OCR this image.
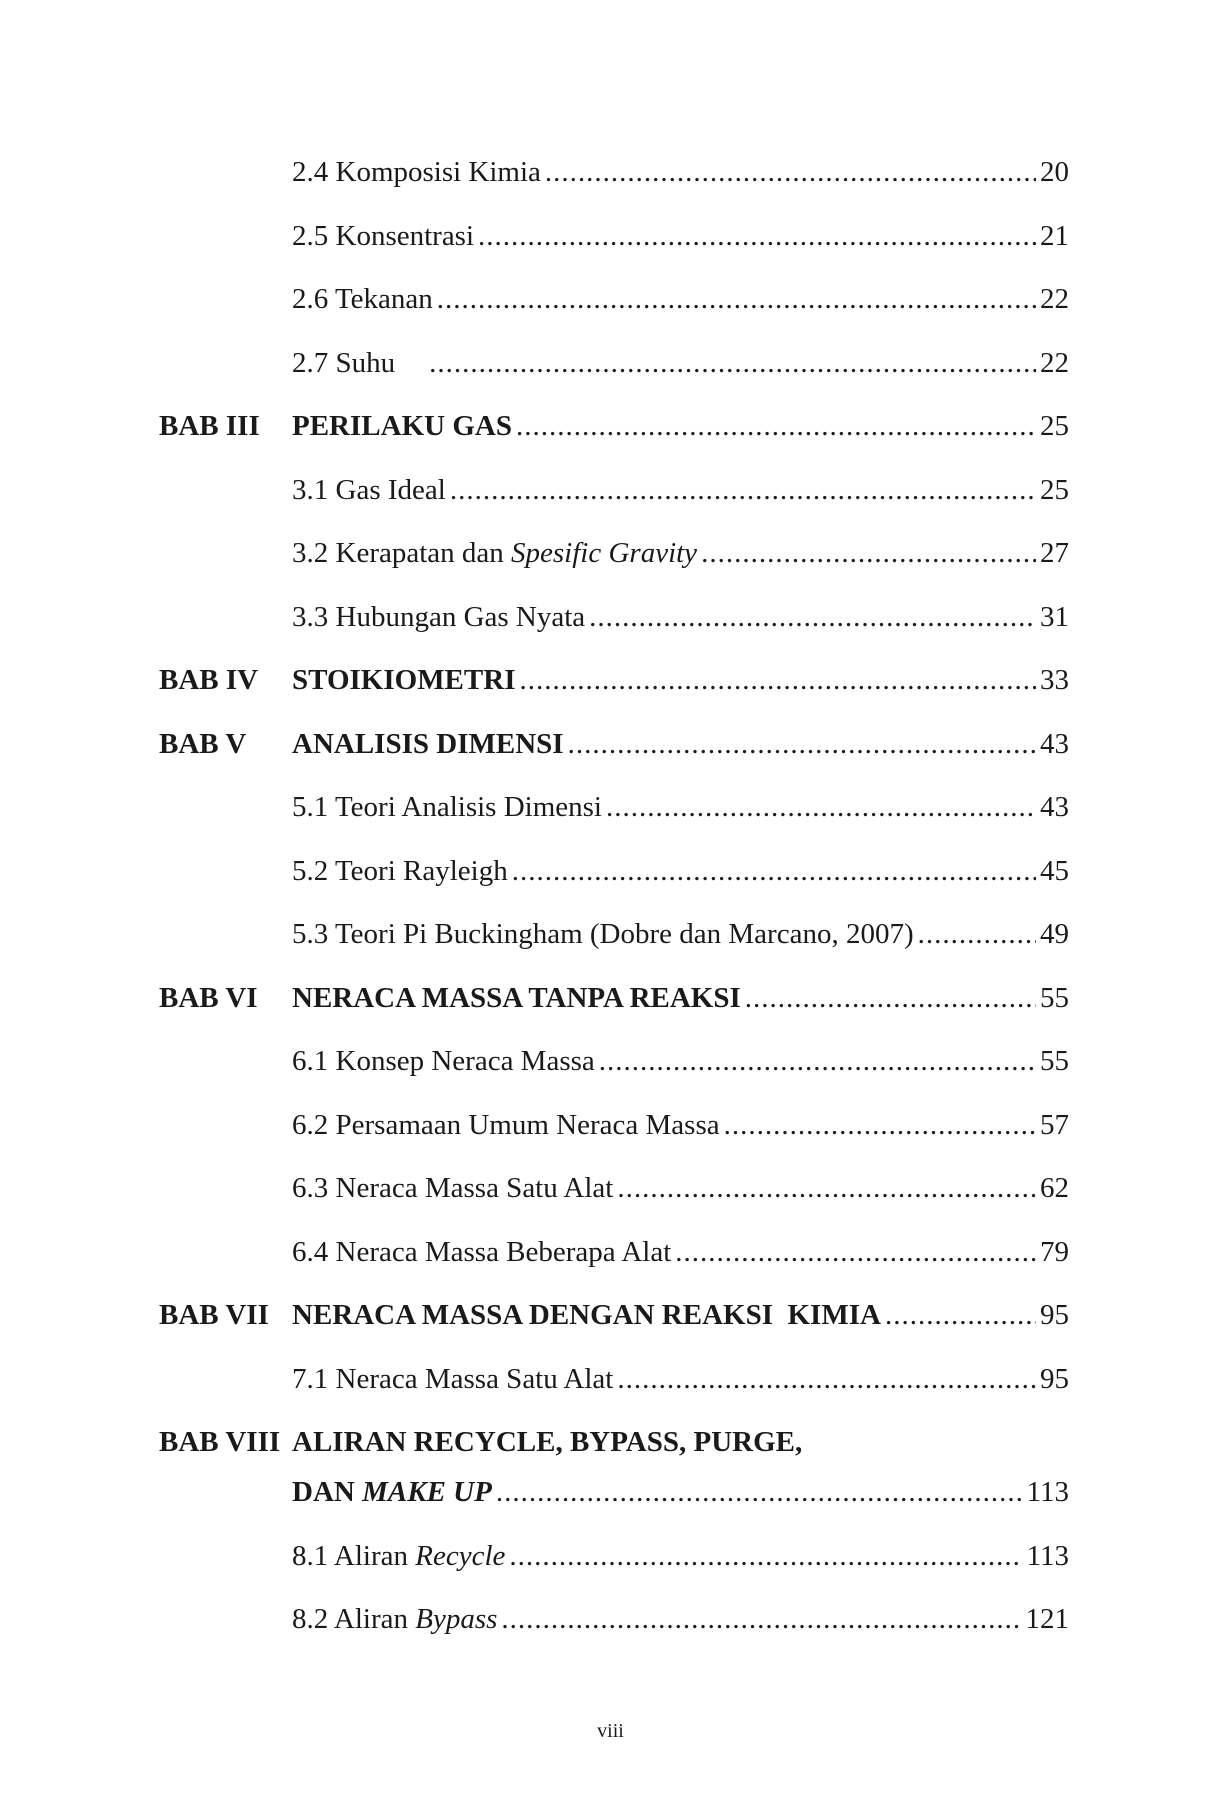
2.4 Komposisi Kimia .....	20
2.5 Konsentrasi .....	21
2.6 Tekanan .....	22
2.7 Suhu .....	22
BAB III PERILAKU GAS .....	25
3.1 Gas Ideal .....	25
3.2 Kerapatan dan Spesific Gravity .....	27
3.3 Hubungan Gas Nyata .....	31
BAB IV STOIKIOMETRI .....	33
BAB V ANALISIS DIMENSI .....	43
5.1 Teori Analisis Dimensi .....	43
5.2 Teori Rayleigh .....	45
5.3 Teori Pi Buckingham (Dobre dan Marcano, 2007) .....	49
BAB VI NERACA MASSA TANPA REAKSI .....	55
6.1 Konsep Neraca Massa .....	55
6.2 Persamaan Umum Neraca Massa .....	57
6.3 Neraca Massa Satu Alat .....	62
6.4 Neraca Massa Beberapa Alat .....	79
BAB VII NERACA MASSA DENGAN REAKSI  KIMIA .....	95
7.1 Neraca Massa Satu Alat .....	95
BAB VIII ALIRAN RECYCLE, BYPASS, PURGE,
DAN MAKE UP .....	113
8.1 Aliran Recycle .....	113
8.2 Aliran Bypass .....	121
viii
